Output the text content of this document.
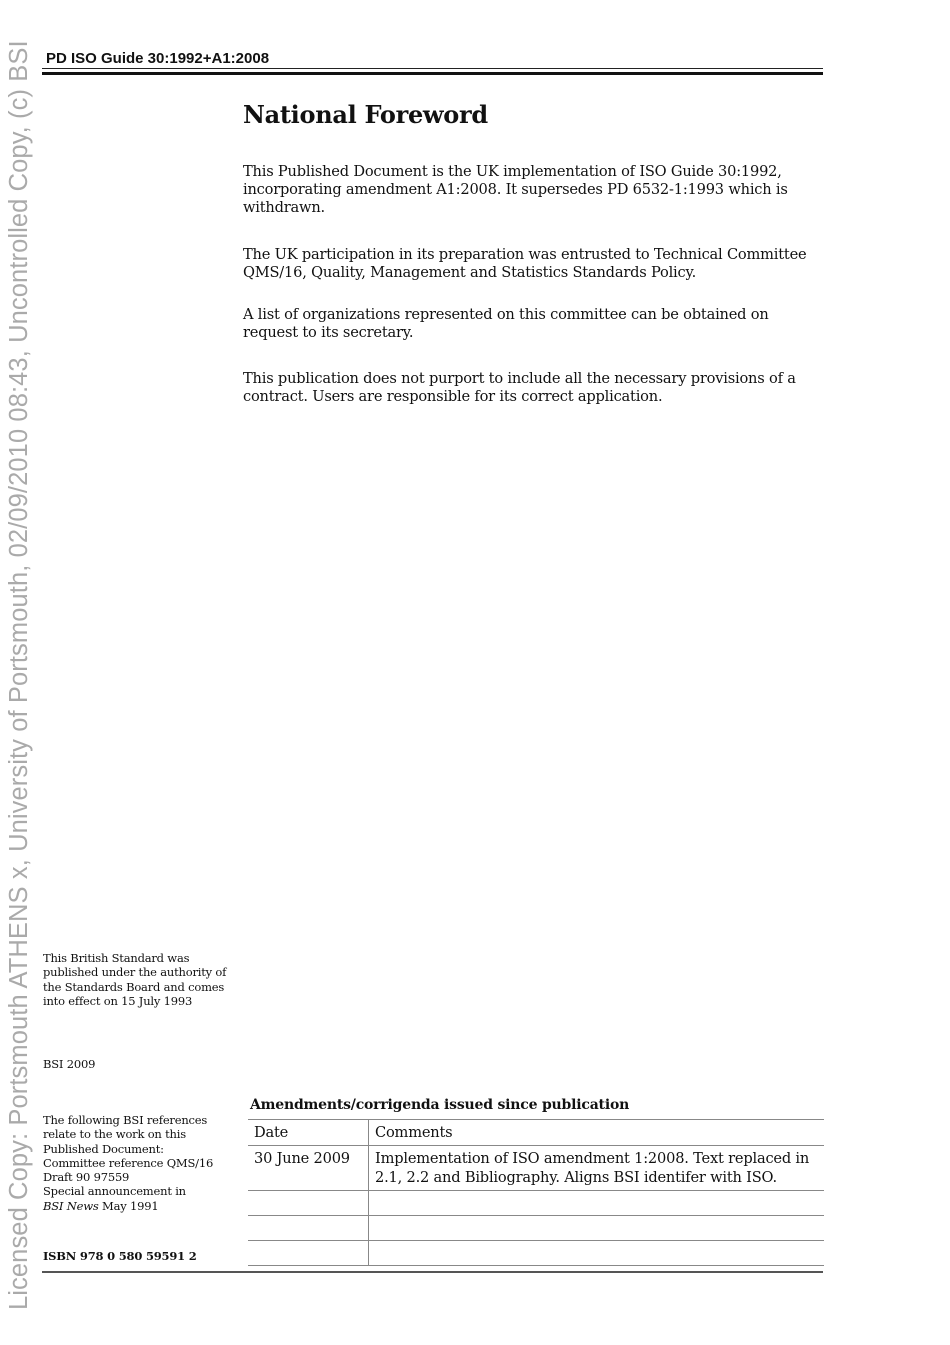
Licensed Copy: Portsmouth ATHENS x, University of Portsmouth, 02/09/2010 08:43, Uncontrolled Copy, (c) BSI PD ISO Guide 30:1992+A1:2008
National Foreword

This Published Document is the UK implementation of ISO Guide 30:1992, incorporating amendment A1:2008. It supersedes PD 6532-1:1993 which is withdrawn.

The UK participation in its preparation was entrusted to Technical Committee QMS/16, Quality, Management and Statistics Standards Policy.

A list of organizations represented on this committee can be obtained on request to its secretary.

This publication does not purport to include all the necessary provisions of a contract. Users are responsible for its correct application.

This British Standard was published under the authority of the Standards Board and comes into effect on 15 July 1993

BSI 2009

The following BSI references relate to the work on this Published Document:
Committee reference QMS/16
Draft 90 97559
Special announcement in
BSI News May 1991

ISBN 978 0 580 59591 2

Amendments/corrigenda issued since publication
Date	Comments
30 June 2009	Implementation of ISO amendment 1:2008. Text replaced in 2.1, 2.2 and Bibliography. Aligns BSI identifer with ISO.
